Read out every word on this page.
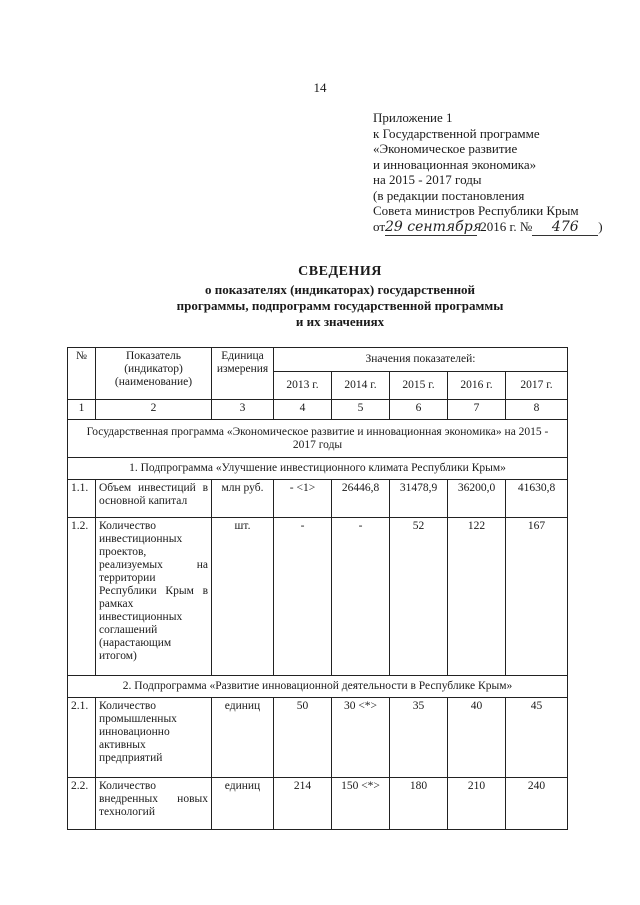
14
Приложение 1
к Государственной программе
«Экономическое развитие
и инновационная экономика»
на 2015 - 2017 годы
(в редакции постановления
Совета министров Республики Крым
от29 сентября 2016 г. № 476 )
СВЕДЕНИЯ
о показателях (индикаторах) государственной
программы, подпрограмм государственной программы
и их значениях
№	Показатель (индикатор) (наименование)	Единица измерения	Значения показателей:				
			2013 г.	2014 г.	2015 г.	2016 г.	2017 г.
1	2	3	4	5	6	7	8
Государственная программа «Экономическое развитие и инновационная экономика» на 2015 - 2017 годы							
1. Подпрограмма «Улучшение инвестиционного климата Республики Крым»							
1.1.	Объем инвестиций в основной капитал	млн руб.	- <1>	26446,8	31478,9	36200,0	41630,8
1.2.	Количество инвестиционных проектов, реализуемых на территории Республики Крым в рамках инвестиционных соглашений (нарастающим итогом)	шт.	-	-	52	122	167
2. Подпрограмма «Развитие инновационной деятельности в Республике Крым»							
2.1.	Количество промышленных инновационно активных предприятий	единиц	50	30 <*>	35	40	45
2.2.	Количество внедренных новых технологий	единиц	214	150 <*>	180	210	240
